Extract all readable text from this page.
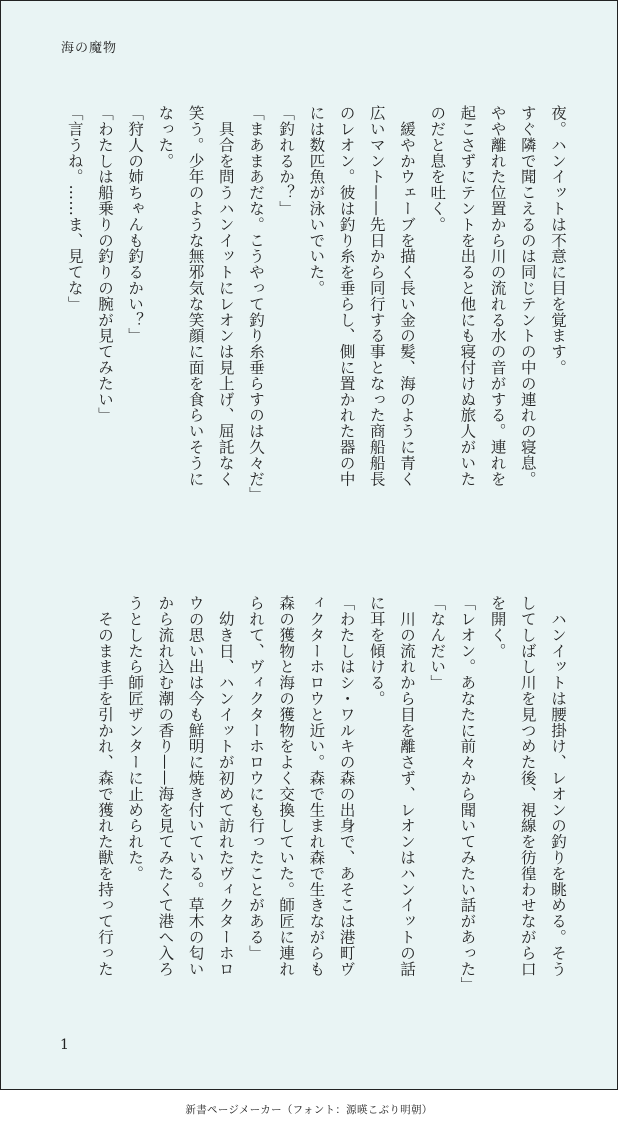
海の魔物
夜。ハンイットは不意に目を覚ます。
すぐ隣で聞こえるのは同じテントの中の連れの寝息。
やや離れた位置から川の流れる水の音がする。連れを
起こさずにテントを出ると他にも寝付けぬ旅人がいた
のだと息を吐く。
　緩やかウェーブを描く長い金の髪、海のように青く
広いマント——先日から同行する事となった商船船長
のレオン。彼は釣り糸を垂らし、側に置かれた器の中
には数匹魚が泳いでいた。
「釣れるか？」
「まあまあだな。こうやって釣り糸垂らすのは久々だ」
　具合を問うハンイットにレオンは見上げ、屈託なく
笑う。少年のような無邪気な笑顔に面を食らいそうに
なった。
「狩人の姉ちゃんも釣るかい？」
「わたしは船乗りの釣りの腕が見てみたい」
「言うね。……ま、見てな」
　ハンイットは腰掛け、レオンの釣りを眺める。そう
してしばし川を見つめた後、視線を彷徨わせながら口
を開く。
「レオン。あなたに前々から聞いてみたい話があった」
「なんだい」
　川の流れから目を離さず、レオンはハンイットの話
に耳を傾ける。
「わたしはシ・ワルキの森の出身で、あそこは港町ヴ
ィクターホロウと近い。森で生まれ森で生きながらも
森の獲物と海の獲物をよく交換していた。師匠に連れ
られて、ヴィクターホロウにも行ったことがある」
　幼き日、ハンイットが初めて訪れたヴィクターホロ
ウの思い出は今も鮮明に焼き付いている。草木の匂い
から流れ込む潮の香り——海を見てみたくて港へ入ろ
うとしたら師匠ザンターに止められた。
　そのまま手を引かれ、森で獲れた獣を持って行った
1
新書ページメーカー（フォント：源暎こぶり明朝）
